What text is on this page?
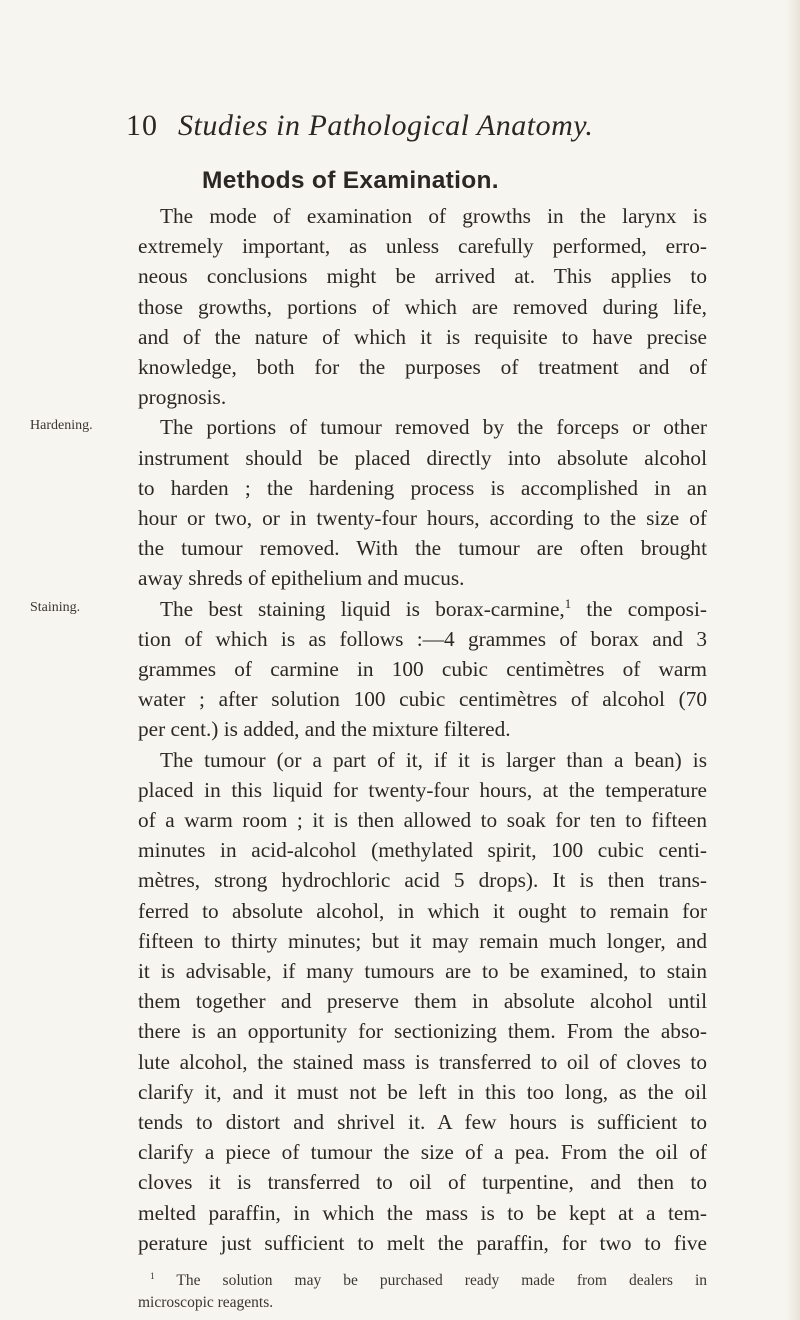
10 Studies in Pathological Anatomy.
Methods of Examination.
Hardening.
Staining.
The mode of examination of growths in the larynx is
extremely important, as unless carefully performed, erro-
neous conclusions might be arrived at. This applies to
those growths, portions of which are removed during life,
and of the nature of which it is requisite to have precise
knowledge, both for the purposes of treatment and of
prognosis.
The portions of tumour removed by the forceps or other
instrument should be placed directly into absolute alcohol
to harden ; the hardening process is accomplished in an
hour or two, or in twenty-four hours, according to the size of
the tumour removed. With the tumour are often brought
away shreds of epithelium and mucus.
The best staining liquid is borax-carmine,$^1$ the composi-
tion of which is as follows :—4 grammes of borax and 3
grammes of carmine in 100 cubic centimètres of warm
water ; after solution 100 cubic centimètres of alcohol (70
per cent.) is added, and the mixture filtered.
The tumour (or a part of it, if it is larger than a bean) is
placed in this liquid for twenty-four hours, at the temperature
of a warm room ; it is then allowed to soak for ten to fifteen
minutes in acid-alcohol (methylated spirit, 100 cubic centi-
mètres, strong hydrochloric acid 5 drops). It is then trans-
ferred to absolute alcohol, in which it ought to remain for
fifteen to thirty minutes; but it may remain much longer, and
it is advisable, if many tumours are to be examined, to stain
them together and preserve them in absolute alcohol until
there is an opportunity for sectionizing them. From the abso-
lute alcohol, the stained mass is transferred to oil of cloves to
clarify it, and it must not be left in this too long, as the oil
tends to distort and shrivel it. A few hours is sufficient to
clarify a piece of tumour the size of a pea. From the oil of
cloves it is transferred to oil of turpentine, and then to
melted paraffin, in which the mass is to be kept at a tem-
perature just sufficient to melt the paraffin, for two to five
$^1$ The solution may be purchased ready made from dealers in
microscopic reagents.
